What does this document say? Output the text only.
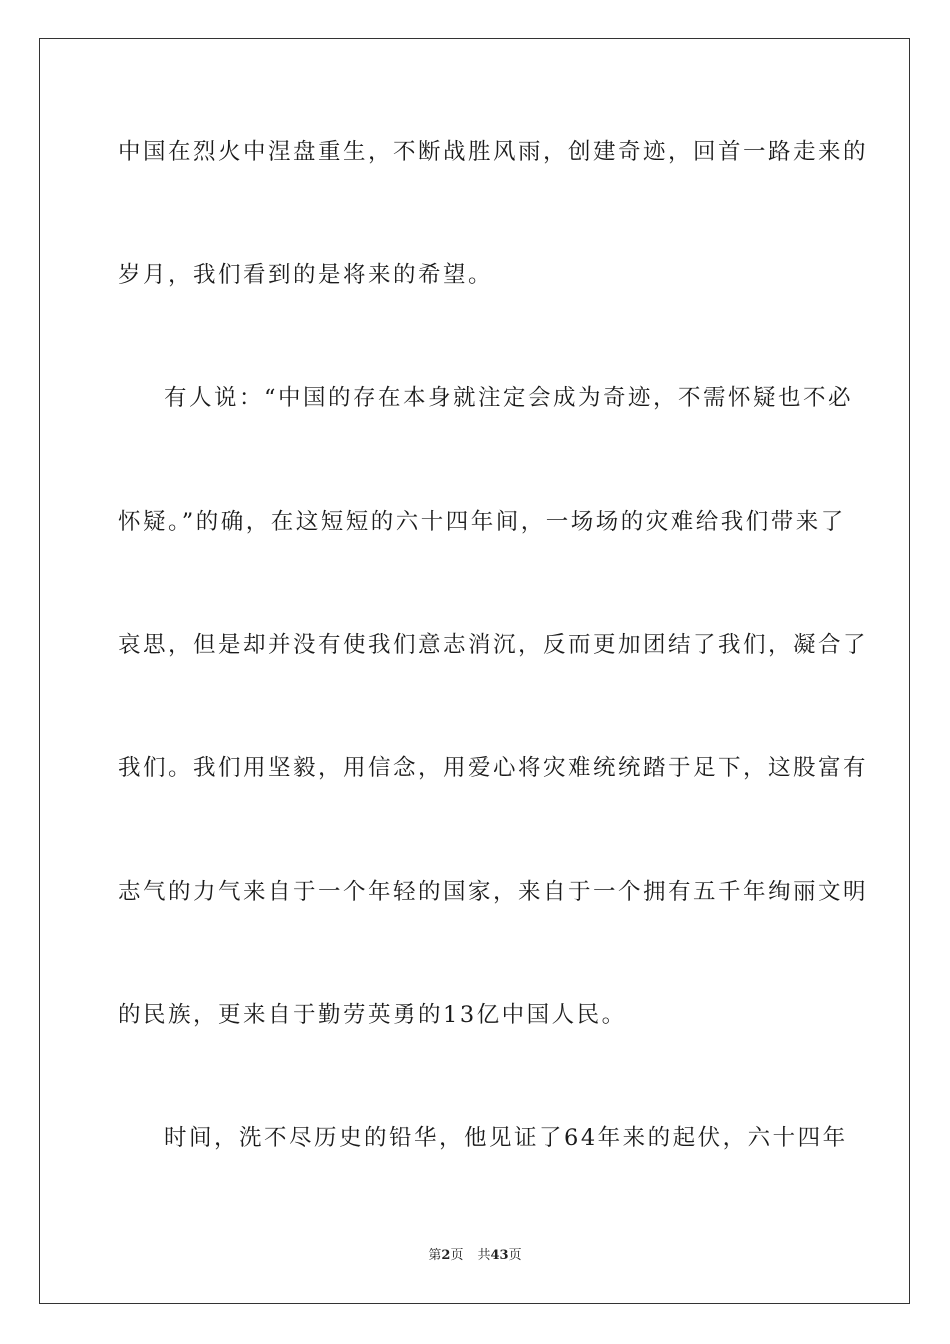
中国在烈火中涅盘重生，不断战胜风雨，创建奇迹，回首一路走来的
岁月，我们看到的是将来的希望。
有人说：“中国的存在本身就注定会成为奇迹，不需怀疑也不必
怀疑。”的确，在这短短的六十四年间，一场场的灾难给我们带来了
哀思，但是却并没有使我们意志消沉，反而更加团结了我们，凝合了
我们。我们用坚毅，用信念，用爱心将灾难统统踏于足下，这股富有
志气的力气来自于一个年轻的国家，来自于一个拥有五千年绚丽文明
的民族，更来自于勤劳英勇的13亿中国人民。
时间，洗不尽历史的铅华，他见证了64年来的起伏，六十四年
第2页 共43页
